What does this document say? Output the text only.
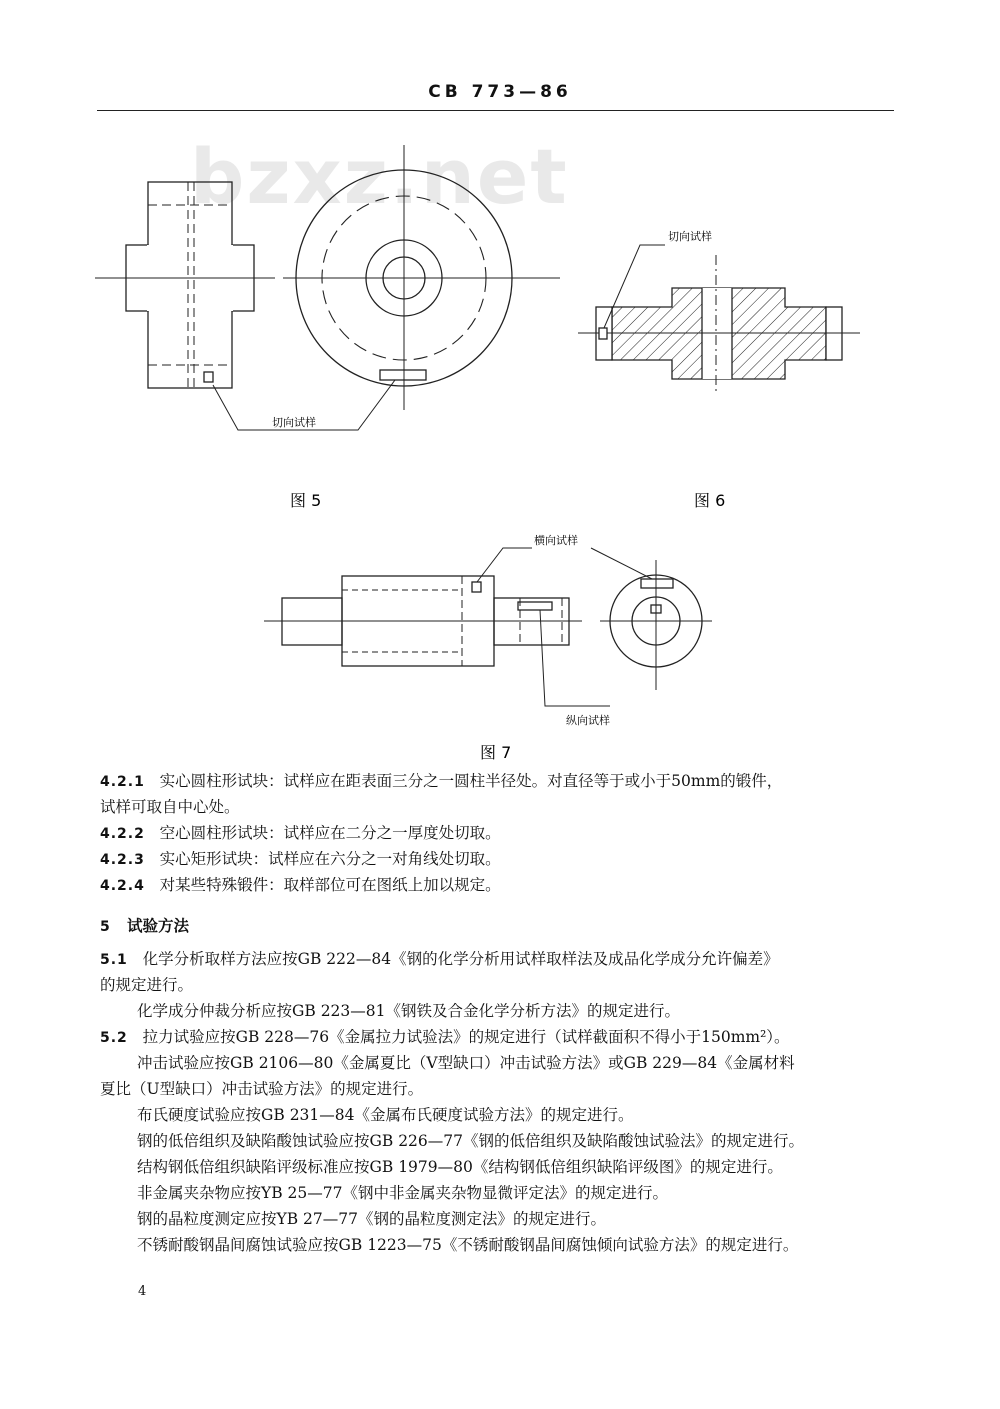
CB 773—86
bzxz.net
切向试样
图 5
切向试样
图 6
横向试样
纵向试样
图 7
4.2.1 实心圆柱形试块：试样应在距表面三分之一圆柱半径处。对直径等于或小于50mm的锻件，
试样可取自中心处。
4.2.2 空心圆柱形试块：试样应在二分之一厚度处切取。
4.2.3 实心矩形试块：试样应在六分之一对角线处切取。
4.2.4 对某些特殊锻件：取样部位可在图纸上加以规定。
5 试验方法
5.1 化学分析取样方法应按GB 222—84《钢的化学分析用试样取样法及成品化学成分允许偏差》
的规定进行。
化学成分仲裁分析应按GB 223—81《钢铁及合金化学分析方法》的规定进行。
5.2 拉力试验应按GB 228—76《金属拉力试验法》的规定进行（试样截面积不得小于150mm²）。
冲击试验应按GB 2106—80《金属夏比（V型缺口）冲击试验方法》或GB 229—84《金属材料
夏比（U型缺口）冲击试验方法》的规定进行。
布氏硬度试验应按GB 231—84《金属布氏硬度试验方法》的规定进行。
钢的低倍组织及缺陷酸蚀试验应按GB 226—77《钢的低倍组织及缺陷酸蚀试验法》的规定进行。
结构钢低倍组织缺陷评级标准应按GB 1979—80《结构钢低倍组织缺陷评级图》的规定进行。
非金属夹杂物应按YB 25—77《钢中非金属夹杂物显微评定法》的规定进行。
钢的晶粒度测定应按YB 27—77《钢的晶粒度测定法》的规定进行。
不锈耐酸钢晶间腐蚀试验应按GB 1223—75《不锈耐酸钢晶间腐蚀倾向试验方法》的规定进行。
4
